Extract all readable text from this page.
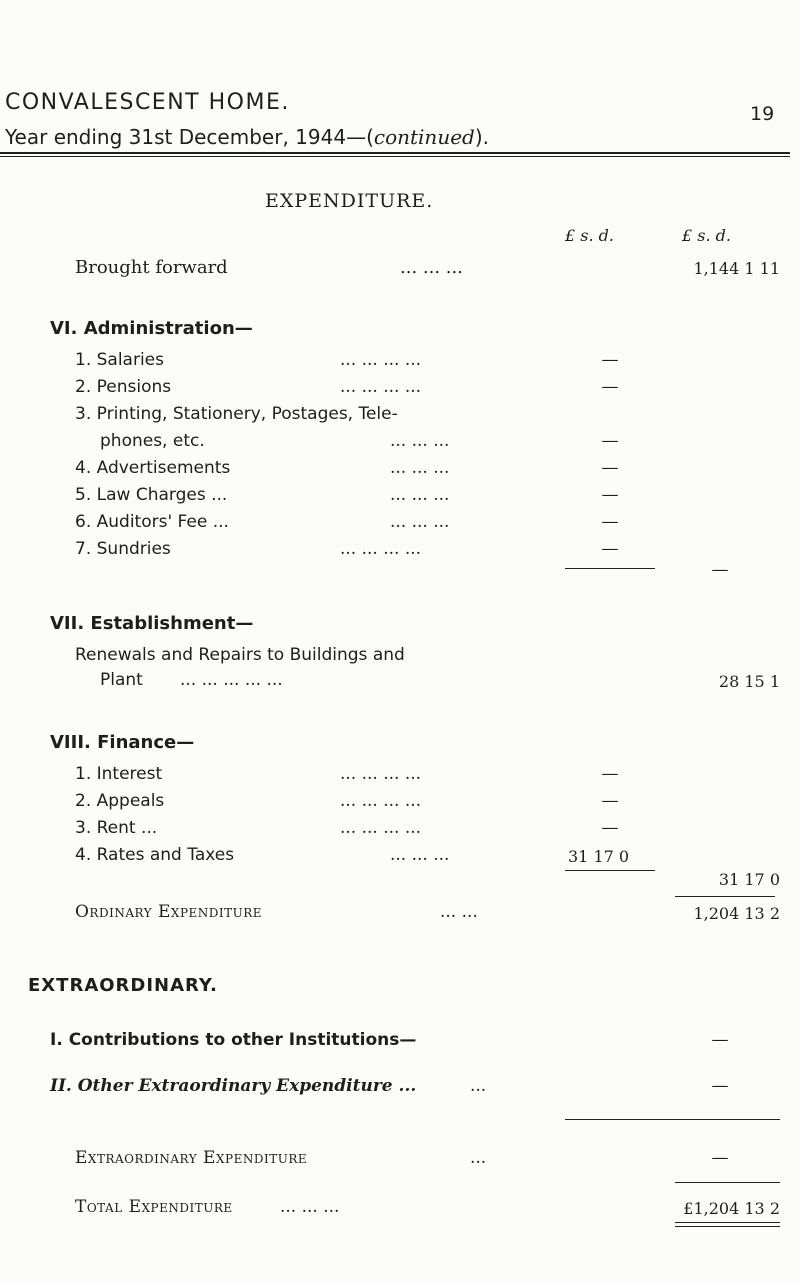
CONVALESCENT HOME.	19
Year ending 31st December, 1944—(continued).
EXPENDITURE.
£ s. d.	£ s. d.
Brought forward	... ... ...	1,144 1 11
VI. Administration—
1. Salaries	... ... ... ...	—
2. Pensions	... ... ... ...	—
3. Printing, Stationery, Postages, Tele-
phones, etc.	... ... ...	—
4. Advertisements	... ... ...	—
5. Law Charges ...	... ... ...	—
6. Auditors' Fee ...	... ... ...	—
7. Sundries	... ... ... ...	—
—
VII. Establishment—
Renewals and Repairs to Buildings and
Plant ... ... ... ... ...	28 15 1
VIII. Finance—
1. Interest	... ... ... ...	—
2. Appeals	... ... ... ...	—
3. Rent ...	... ... ... ...	—
4. Rates and Taxes	... ... ...	31 17 0
31 17 0
Ordinary Expenditure	... ...	1,204 13 2
EXTRAORDINARY.
I. Contributions to other Institutions—	—
II. Other Extraordinary Expenditure ...	...	—
Extraordinary Expenditure	...	—
Total Expenditure	... ... ...	£1,204 13 2
